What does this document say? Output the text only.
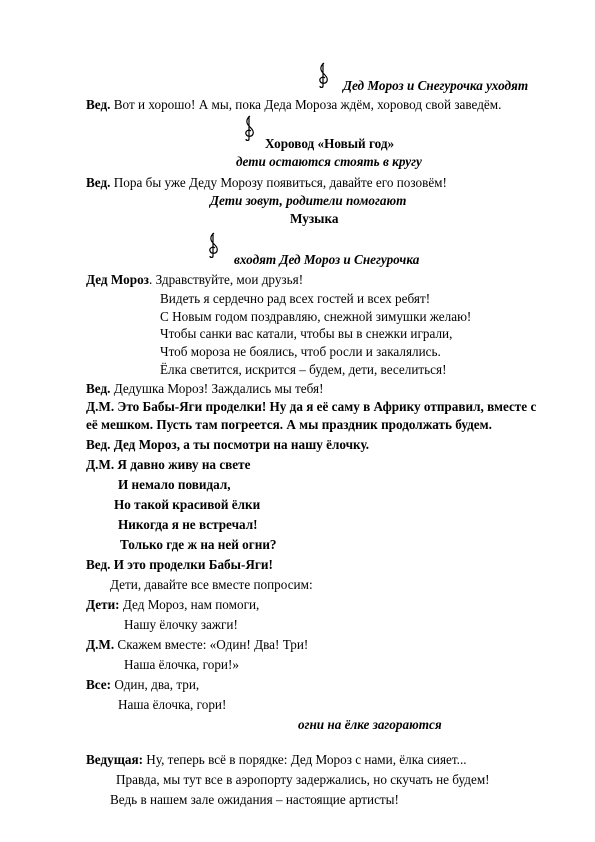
Дед Мороз и Снегурочка уходят
Вед. Вот и хорошо! А мы, пока Деда Мороза ждём, хоровод свой заведём.
Хоровод «Новый год»
дети остаются стоять в кругу
Вед. Пора бы уже Деду Морозу появиться, давайте его позовём!
Дети зовут, родители помогают
Музыка
входят Дед Мороз и Снегурочка
Дед Мороз. Здравствуйте, мои друзья!
Видеть я сердечно рад всех гостей и всех ребят!
С Новым годом поздравляю, снежной зимушки желаю!
Чтобы санки вас катали, чтобы вы в снежки играли,
Чтоб мороза не боялись, чтоб росли и закалялись.
Ёлка светится, искрится – будем, дети, веселиться!
Вед. Дедушка Мороз! Заждались мы тебя!
Д.М. Это Бабы-Яги проделки! Ну да я её саму в Африку отправил, вместе с
её мешком. Пусть там погреется. А мы праздник продолжать будем.
Вед. Дед Мороз, а ты посмотри на нашу ёлочку.
Д.М. Я давно живу на свете
И немало повидал,
Но такой красивой ёлки
Никогда я не встречал!
Только где ж на ней огни?
Вед. И это проделки Бабы-Яги!
Дети, давайте все вместе попросим:
Дети: Дед Мороз, нам помоги,
Нашу ёлочку зажги!
Д.М. Скажем вместе: «Один! Два! Три!
Наша ёлочка, гори!»
Все: Один, два, три,
Наша ёлочка, гори!
огни на ёлке загораются
Ведущая: Ну, теперь всё в порядке: Дед Мороз с нами, ёлка сияет...
Правда, мы тут все в аэропорту задержались, но скучать не будем!
Ведь в нашем зале ожидания – настоящие артисты!
